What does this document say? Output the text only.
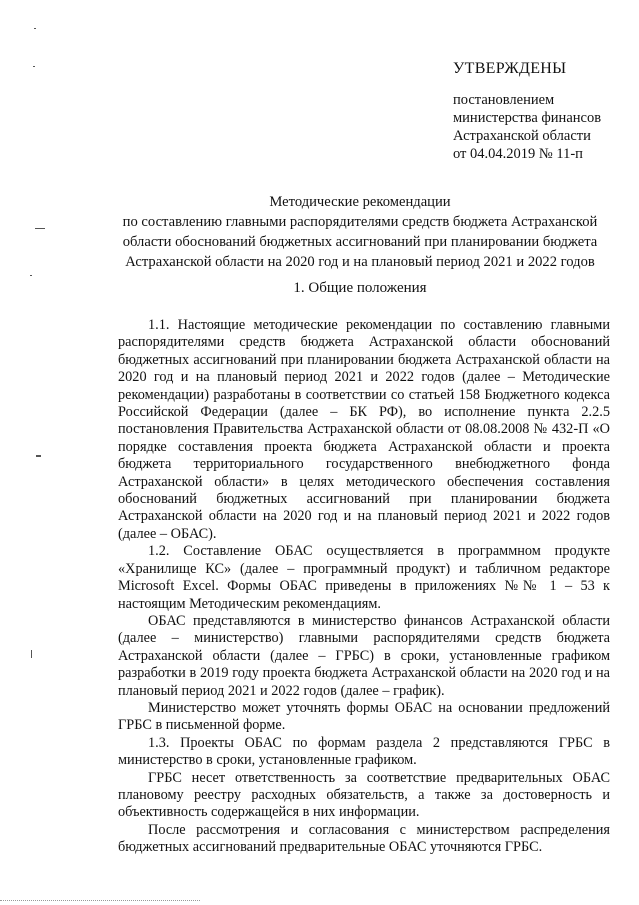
УТВЕРЖДЕНЫ
постановлением
министерства финансов
Астраханской области
от 04.04.2019 № 11-п
Методические рекомендации
по составлению главными распорядителями средств бюджета Астраханской
области обоснований бюджетных ассигнований при планировании бюджета
Астраханской области на 2020 год и на плановый период 2021 и 2022 годов
1. Общие положения

1.1. Настоящие методические рекомендации по составлению главными распорядителями средств бюджета Астраханской области обоснований бюджетных ассигнований при планировании бюджета Астраханской области на 2020 год и на плановый период 2021 и 2022 годов (далее – Методические рекомендации) разработаны в соответствии со статьей 158 Бюджетного кодекса Российской Федерации (далее – БК РФ), во исполнение пункта 2.2.5 постановления Правительства Астраханской области от 08.08.2008 № 432-П «О порядке составления проекта бюджета Астраханской области и проекта бюджета территориального государственного внебюджетного фонда Астраханской области» в целях методического обеспечения составления обоснований бюджетных ассигнований при планировании бюджета Астраханской области на 2020 год и на плановый период 2021 и 2022 годов (далее – ОБАС).

1.2. Составление ОБАС осуществляется в программном продукте «Хранилище КС» (далее – программный продукт) и табличном редакторе Microsoft Excel. Формы ОБАС приведены в приложениях №№ 1 – 53 к настоящим Методическим рекомендациям.

ОБАС представляются в министерство финансов Астраханской области (далее – министерство) главными распорядителями средств бюджета Астраханской области (далее – ГРБС) в сроки, установленные графиком разработки в 2019 году проекта бюджета Астраханской области на 2020 год и на плановый период 2021 и 2022 годов (далее – график).

Министерство может уточнять формы ОБАС на основании предложений ГРБС в письменной форме.

1.3. Проекты ОБАС по формам раздела 2 представляются ГРБС в министерство в сроки, установленные графиком.

ГРБС несет ответственность за соответствие предварительных ОБАС плановому реестру расходных обязательств, а также за достоверность и объективность содержащейся в них информации.

После рассмотрения и согласования с министерством распределения бюджетных ассигнований предварительные ОБАС уточняются ГРБС.
